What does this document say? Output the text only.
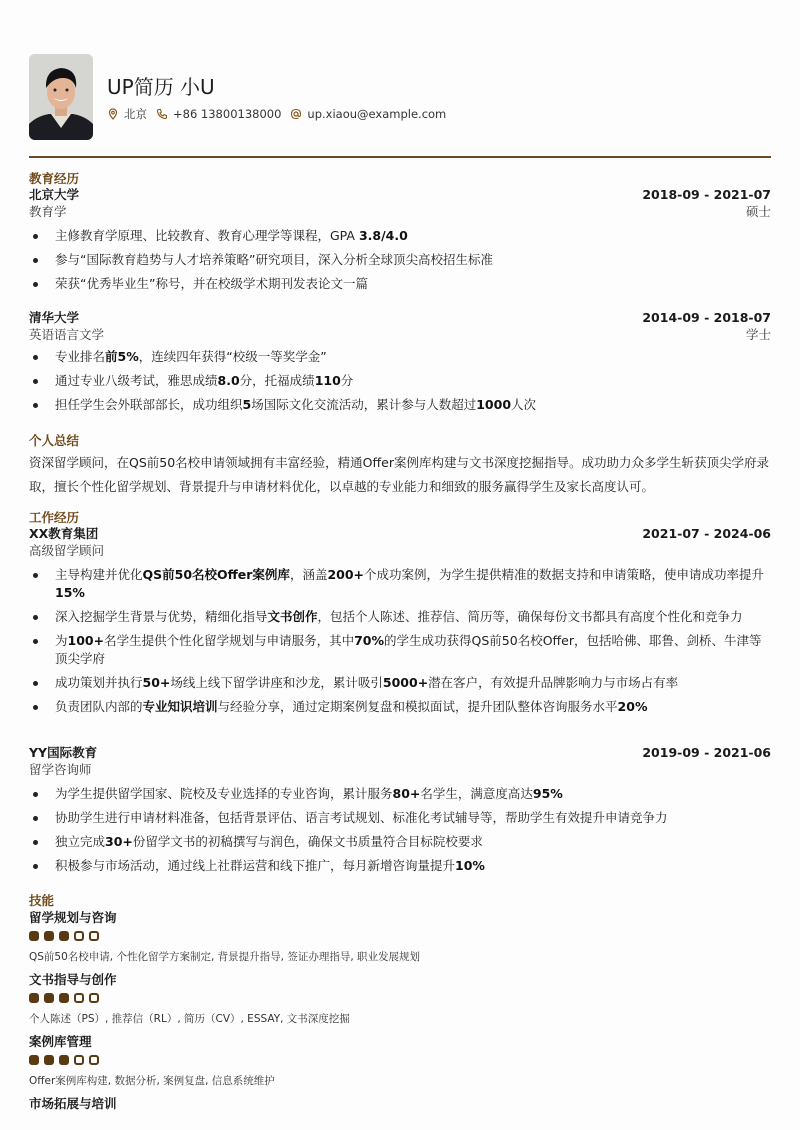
UP简历 小U
北京 +86 13800138000 up.xiaou@example.com
教育经历
北京大学	2018-09 - 2021-07
教育学	硕士
主修教育学原理、比较教育、教育心理学等课程，GPA 3.8/4.0
参与“国际教育趋势与人才培养策略”研究项目，深入分析全球顶尖高校招生标准
荣获“优秀毕业生”称号，并在校级学术期刊发表论文一篇
清华大学	2014-09 - 2018-07
英语语言文学	学士
专业排名前5%，连续四年获得“校级一等奖学金”
通过专业八级考试，雅思成绩8.0分，托福成绩110分
担任学生会外联部部长，成功组织5场国际文化交流活动，累计参与人数超过1000人次
个人总结
资深留学顾问，在QS前50名校申请领域拥有丰富经验，精通Offer案例库构建与文书深度挖掘指导。成功助力众多学生斩获顶尖学府录取，擅长个性化留学规划、背景提升与申请材料优化，以卓越的专业能力和细致的服务赢得学生及家长高度认可。
工作经历
XX教育集团	2021-07 - 2024-06
高级留学顾问
主导构建并优化QS前50名校Offer案例库，涵盖200+个成功案例，为学生提供精准的数据支持和申请策略，使申请成功率提升15%
深入挖掘学生背景与优势，精细化指导文书创作，包括个人陈述、推荐信、简历等，确保每份文书都具有高度个性化和竞争力
为100+名学生提供个性化留学规划与申请服务，其中70%的学生成功获得QS前50名校Offer，包括哈佛、耶鲁、剑桥、牛津等顶尖学府
成功策划并执行50+场线上线下留学讲座和沙龙，累计吸引5000+潜在客户，有效提升品牌影响力与市场占有率
负责团队内部的专业知识培训与经验分享，通过定期案例复盘和模拟面试，提升团队整体咨询服务水平20%
YY国际教育	2019-09 - 2021-06
留学咨询师
为学生提供留学国家、院校及专业选择的专业咨询，累计服务80+名学生，满意度高达95%
协助学生进行申请材料准备，包括背景评估、语言考试规划、标准化考试辅导等，帮助学生有效提升申请竞争力
独立完成30+份留学文书的初稿撰写与润色，确保文书质量符合目标院校要求
积极参与市场活动，通过线上社群运营和线下推广，每月新增咨询量提升10%
技能
留学规划与咨询
QS前50名校申请, 个性化留学方案制定, 背景提升指导, 签证办理指导, 职业发展规划
文书指导与创作
个人陈述（PS）, 推荐信（RL）, 简历（CV）, ESSAY, 文书深度挖掘
案例库管理
Offer案例库构建, 数据分析, 案例复盘, 信息系统维护
市场拓展与培训
